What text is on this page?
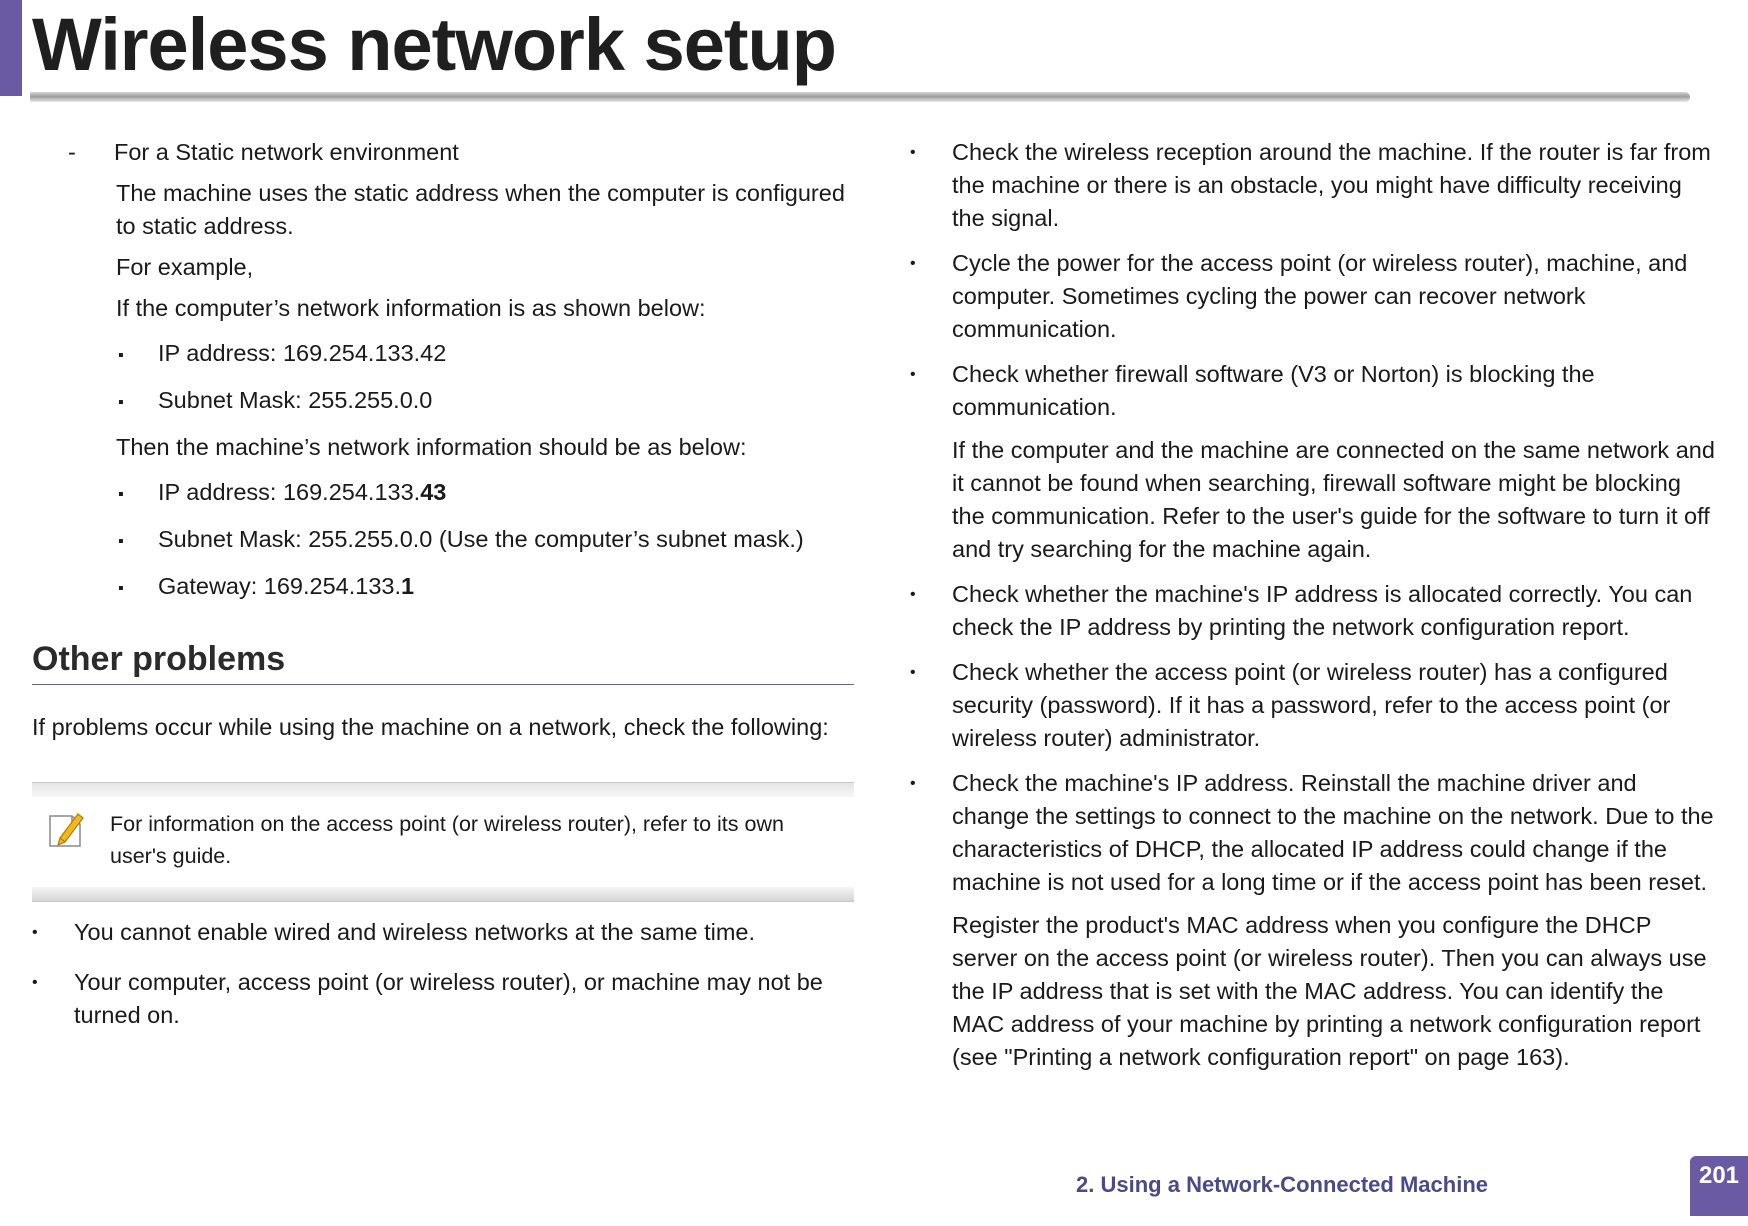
Wireless network setup
-	For a Static network environment

The machine uses the static address when the computer is configured to static address.

For example,

If the computer’s network information is as shown below:

▪	IP address: 169.254.133.42
▪	Subnet Mask: 255.255.0.0

Then the machine’s network information should be as below:

▪	IP address: 169.254.133.43
▪	Subnet Mask: 255.255.0.0 (Use the computer’s subnet mask.)
▪	Gateway: 169.254.133.1
Other problems

If problems occur while using the machine on a network, check the following:

For information on the access point (or wireless router), refer to its own user's guide.
•	You cannot enable wired and wireless networks at the same time.
•	Your computer, access point (or wireless router), or machine may not be turned on.
•	Check the wireless reception around the machine. If the router is far from the machine or there is an obstacle, you might have difficulty receiving the signal.

•	Cycle the power for the access point (or wireless router), machine, and computer. Sometimes cycling the power can recover network communication.

•	Check whether firewall software (V3 or Norton) is blocking the communication.

If the computer and the machine are connected on the same network and it cannot be found when searching, firewall software might be blocking the communication. Refer to the user's guide for the software to turn it off and try searching for the machine again.

•	Check whether the machine's IP address is allocated correctly. You can check the IP address by printing the network configuration report.

•	Check whether the access point (or wireless router) has a configured security (password). If it has a password, refer to the access point (or wireless router) administrator.

•	Check the machine's IP address. Reinstall the machine driver and change the settings to connect to the machine on the network. Due to the characteristics of DHCP, the allocated IP address could change if the machine is not used for a long time or if the access point has been reset.

Register the product's MAC address when you configure the DHCP server on the access point (or wireless router). Then you can always use the IP address that is set with the MAC address. You can identify the MAC address of your machine by printing a network configuration report (see "Printing a network configuration report" on page 163).

2. Using a Network-Connected Machine	201
